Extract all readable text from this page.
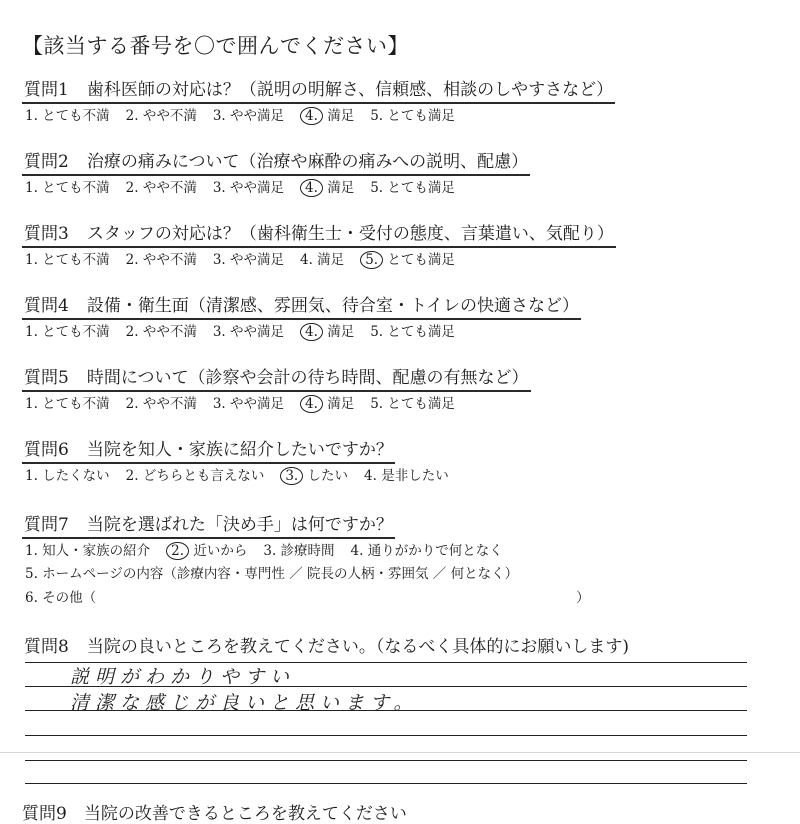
【該当する番号を〇で囲んでください】
質問1 歯科医師の対応は？（説明の明解さ、信頼感、相談のしやすさなど）
1. とても不満 2. やや不満 3. やや満足 4. 満足 5. とても満足
質問2 治療の痛みについて（治療や麻酔の痛みへの説明、配慮）
1. とても不満 2. やや不満 3. やや満足 4. 満足 5. とても満足
質問3 スタッフの対応は？（歯科衛生士・受付の態度、言葉遣い、気配り）
1. とても不満 2. やや不満 3. やや満足 4. 満足 5. とても満足
質問4 設備・衛生面（清潔感、雰囲気、待合室・トイレの快適さなど）
1. とても不満 2. やや不満 3. やや満足 4. 満足 5. とても満足
質問5 時間について（診察や会計の待ち時間、配慮の有無など）
1. とても不満 2. やや不満 3. やや満足 4. 満足 5. とても満足
質問6 当院を知人・家族に紹介したいですか？
1. したくない 2. どちらとも言えない 3. したい 4. 是非したい
質問7 当院を選ばれた「決め手」は何ですか？
1. 知人・家族の紹介 2. 近いから 3. 診療時間 4. 通りがかりで何となく
5. ホームページの内容（診療内容・専門性 ／ 院長の人柄・雰囲気 ／ 何となく）
6. その他（	）
質問8 当院の良いところを教えてください。（なるべく具体的にお願いします)
説明がわかりやすい
清潔な感じが良いと思います。
質問9　当院の改善できるところを教えてください
